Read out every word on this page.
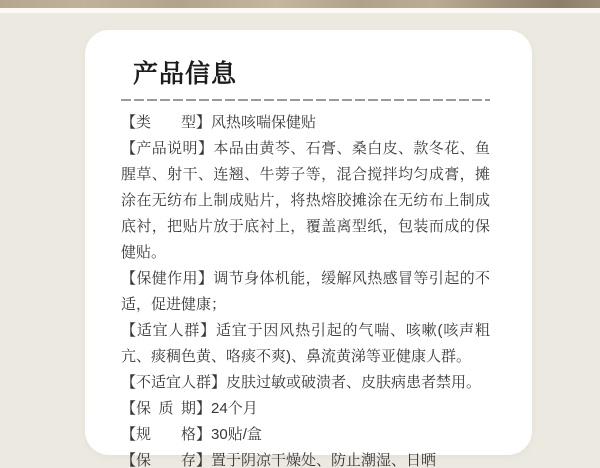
产品信息

【类　　型】风热咳喘保健贴

【产品说明】本品由黄芩、石膏、桑白皮、款冬花、鱼腥草、射干、连翘、牛蒡子等，混合搅拌均匀成膏，摊涂在无纺布上制成贴片，将热熔胶摊涂在无纺布上制成底衬，把贴片放于底衬上，覆盖离型纸，包装而成的保健贴。

【保健作用】调节身体机能，缓解风热感冒等引起的不适，促进健康；

【适宜人群】适宜于因风热引起的气喘、咳嗽(咳声粗亢、痰稠色黄、咯痰不爽)、鼻流黄涕等亚健康人群。

【不适宜人群】皮肤过敏或破溃者、皮肤病患者禁用。

【保 质 期】24个月

【规　　格】30贴/盒

【保　　存】置于阴凉干燥处、防止潮湿、日晒
